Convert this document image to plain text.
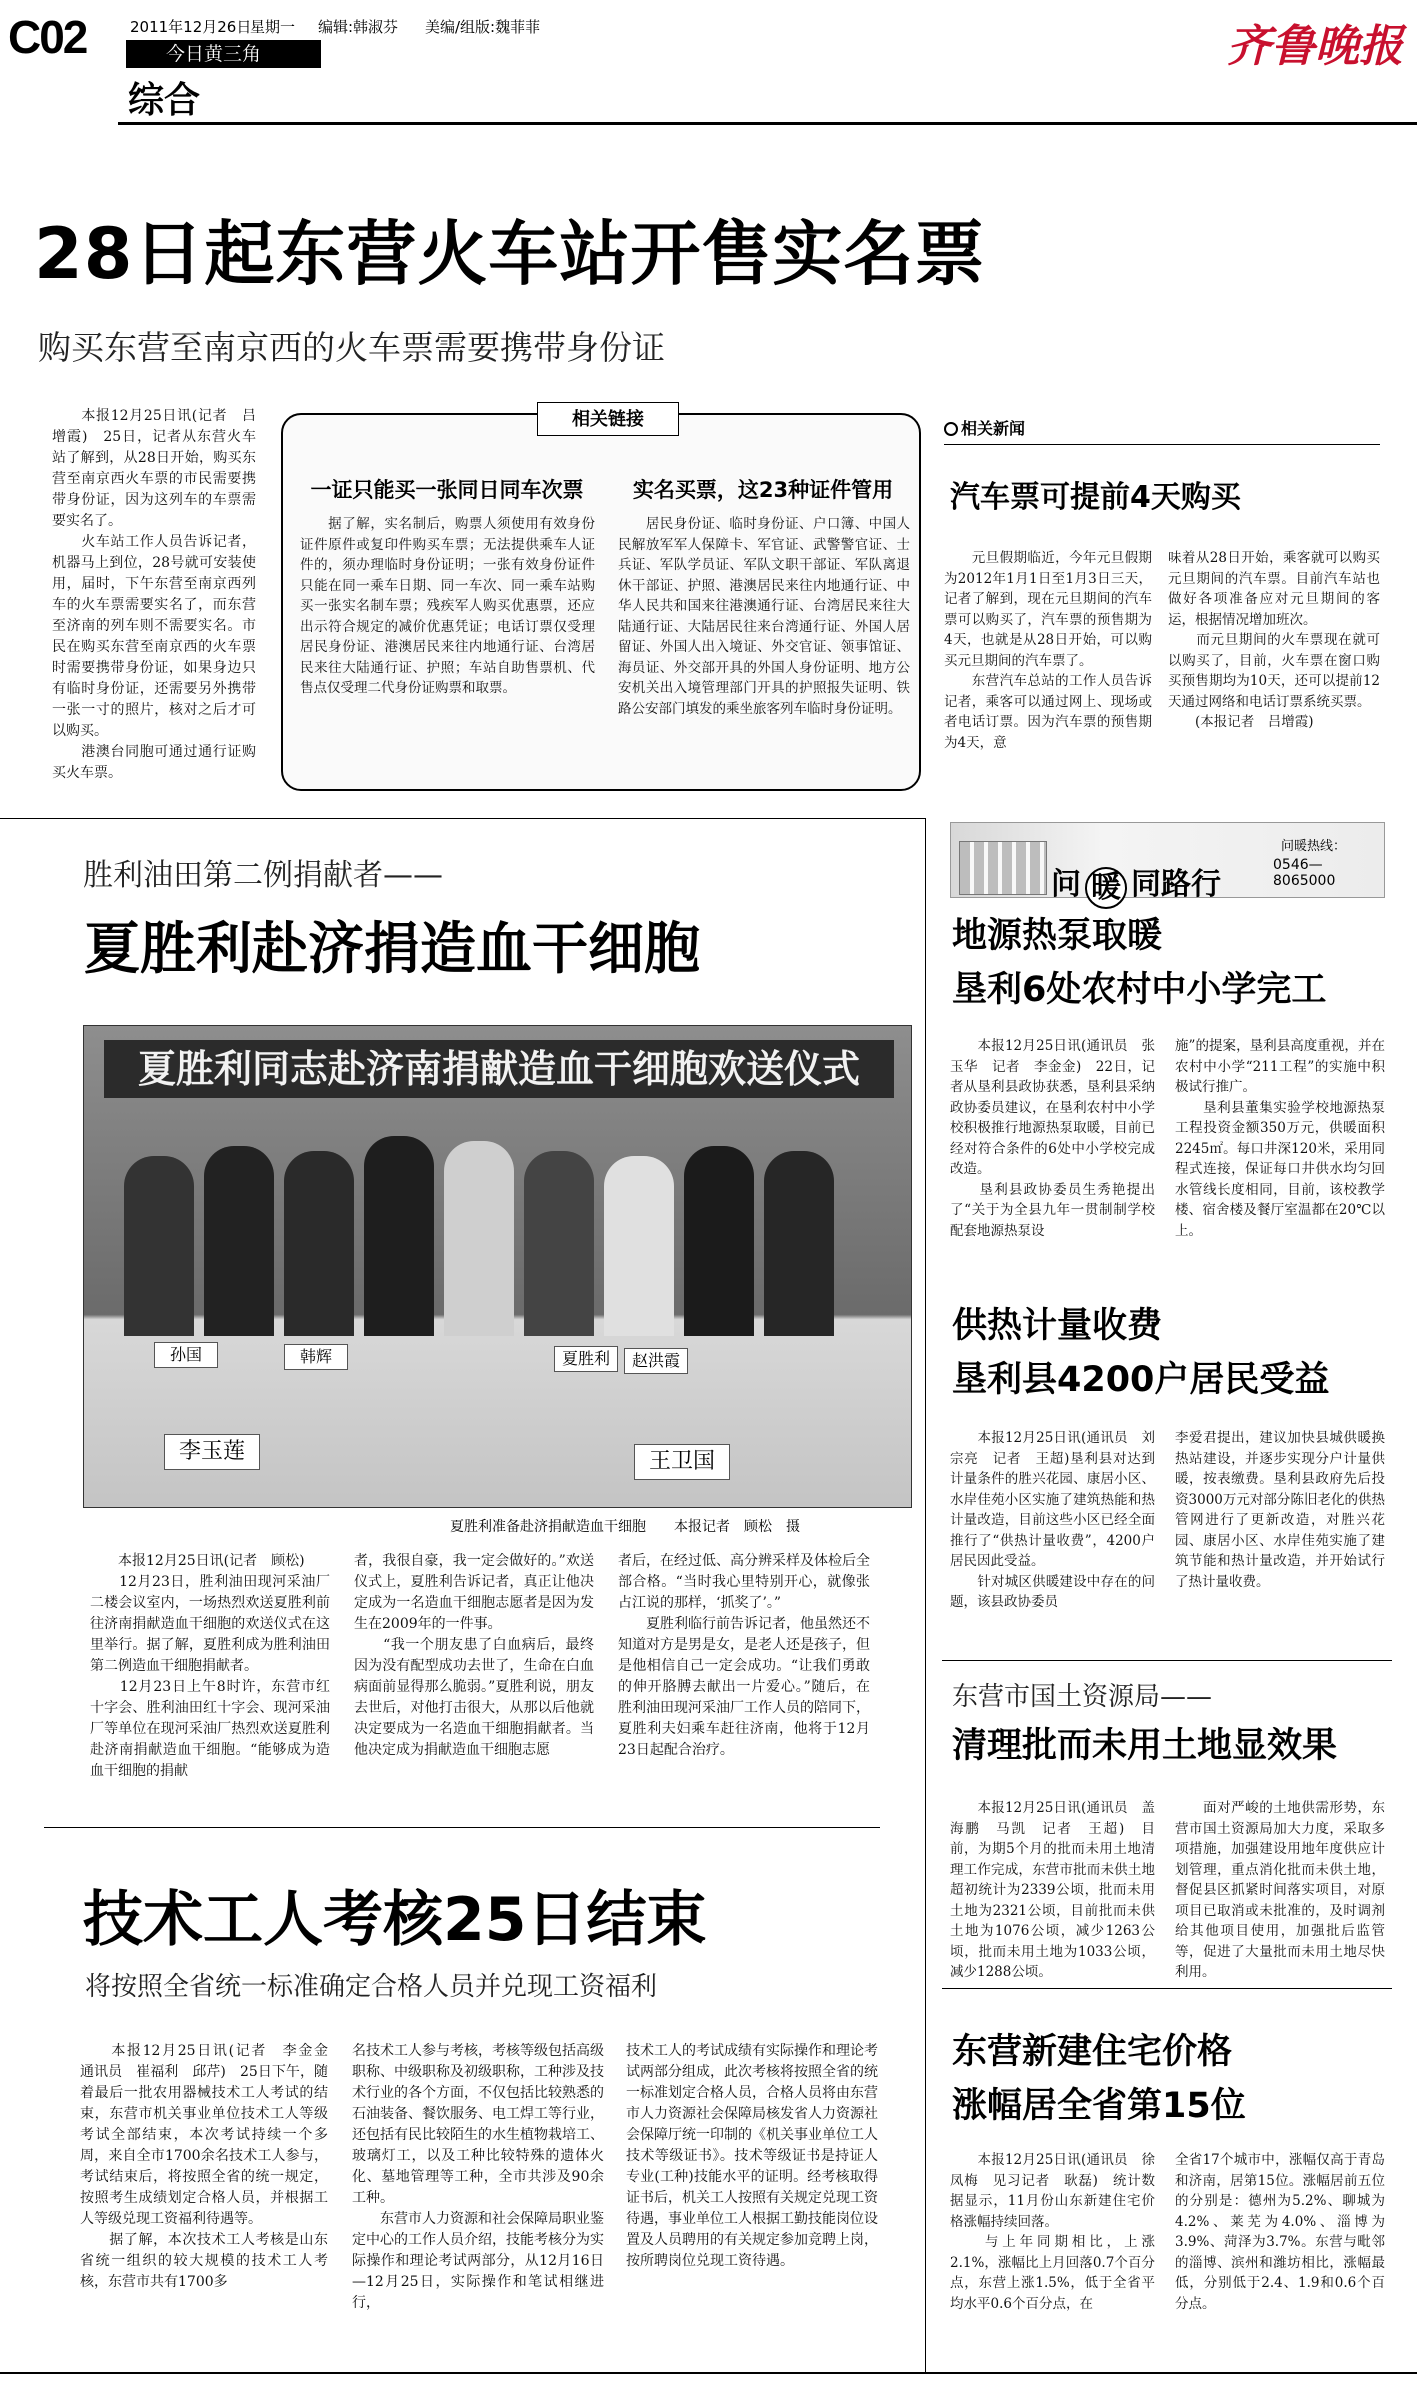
C02	2011年12月26日
星期一 编辑:韩淑芬 美编/组版:魏菲菲
今日黄三角
综合
齐鲁晚报
28日起东营火车站开售实名票
购买东营至南京西的火车票需要携带身份证
　　本报12月25日讯(记者　吕增霞)　25日，记者从东营火车站了解到，从28日开始，购买东营至南京西火车票的市民需要携带身份证，因为这列车的车票需要实名了。
　　火车站工作人员告诉记者，机器马上到位，28号就可安装使用，届时，下午东营至南京西列车的火车票需要实名了，而东营至济南的列车则不需要实名。市民在购买东营至南京西的火车票时需要携带身份证，如果身边只有临时身份证，还需要另外携带一张一寸的照片，核对之后才可以购买。
　　港澳台同胞可通过通行证购买火车票。
相关链接
一证只能买一张同日同车次票
　　据了解，实名制后，购票人须使用有效身份证件原件或复印件购买车票；无法提供乘车人证件的，须办理临时身份证明；一张有效身份证件只能在同一乘车日期、同一车次、同一乘车站购买一张实名制车票；残疾军人购买优惠票，还应出示符合规定的减价优惠凭证；电话订票仅受理居民身份证、港澳居民来往内地通行证、台湾居民来往大陆通行证、护照；车站自助售票机、代售点仅受理二代身份证购票和取票。
实名买票，这23种证件管用
　　居民身份证、临时身份证、户口簿、中国人民解放军军人保障卡、军官证、武警警官证、士兵证、军队学员证、军队文职干部证、军队离退休干部证、护照、港澳居民来往内地通行证、中华人民共和国来往港澳通行证、台湾居民来往大陆通行证、大陆居民往来台湾通行证、外国人居留证、外国人出入境证、外交官证、领事馆证、海员证、外交部开具的外国人身份证明、地方公安机关出入境管理部门开具的护照报失证明、铁路公安部门填发的乘坐旅客列车临时身份证明。
相关新闻
汽车票可提前4天购买
　　元旦假期临近，今年元旦假期为2012年1月1日至1月3日三天，记者了解到，现在元旦期间的汽车票可以购买了，汽车票的预售期为4天，也就是从28日开始，可以购买元旦期间的汽车票了。
　　东营汽车总站的工作人员告诉记者，乘客可以通过网上、现场或者电话订票。因为汽车票的预售期为4天，意
味着从28日开始，乘客就可以购买元旦期间的汽车票。目前汽车站也做好各项准备应对元旦期间的客运，根据情况增加班次。
　　而元旦期间的火车票现在就可以购买了，目前，火车票在窗口购买预售期均为10天，还可以提前12天通过网络和电话订票系统买票。
　　(本报记者　吕增霞)
胜利油田第二例捐献者——
夏胜利赴济捐造血干细胞
夏胜利同志赴济南捐献造血干细胞欢送仪式
孙国	韩辉	夏胜利	赵洪霞
李玉莲	王卫国
夏胜利准备赴济捐献造血干细胞　　本报记者　顾松　摄
　　本报12月25日讯(记者　顾松)
　　12月23日，胜利油田现河采油厂二楼会议室内，一场热烈欢送夏胜利前往济南捐献造血干细胞的欢送仪式在这里举行。据了解，夏胜利成为胜利油田第二例造血干细胞捐献者。
　　12月23日上午8时许，东营市红十字会、胜利油田红十字会、现河采油厂等单位在现河采油厂热烈欢送夏胜利赴济南捐献造血干细胞。“能够成为造血干细胞的捐献
者，我很自豪，我一定会做好的。”欢送仪式上，夏胜利告诉记者，真正让他决定成为一名造血干细胞志愿者是因为发生在2009年的一件事。
　　“我一个朋友患了白血病后，最终因为没有配型成功去世了，生命在白血病面前显得那么脆弱。”夏胜利说，朋友去世后，对他打击很大，从那以后他就决定要成为一名造血干细胞捐献者。当他决定成为捐献造血干细胞志愿
者后，在经过低、高分辨采样及体检后全部合格。“当时我心里特别开心，就像张占江说的那样，‘抓奖了’。”
　　夏胜利临行前告诉记者，他虽然还不知道对方是男是女，是老人还是孩子，但是他相信自己一定会成功。“让我们勇敢的伸开胳膊去献出一片爱心。”随后，在胜利油田现河采油厂工作人员的陪同下，夏胜利夫妇乘车赶往济南，他将于12月23日起配合治疗。
技术工人考核25日结束
将按照全省统一标准确定合格人员并兑现工资福利
　　本报12月25日讯(记者　李金金　通讯员　崔福利　邱芹)　25日下午，随着最后一批农用器械技术工人考试的结束，东营市机关事业单位技术工人等级考试全部结束，本次考试持续一个多周，来自全市1700余名技术工人参与，考试结束后，将按照全省的统一规定，按照考生成绩划定合格人员，并根据工人等级兑现工资福利待遇等。
　　据了解，本次技术工人考核是山东省统一组织的较大规模的技术工人考核，东营市共有1700多
名技术工人参与考核，考核等级包括高级职称、中级职称及初级职称，工种涉及技术行业的各个方面，不仅包括比较熟悉的石油装备、餐饮服务、电工焊工等行业，还包括有民比较陌生的水生植物栽培工、玻璃灯工，以及工种比较特殊的遗体火化、墓地管理等工种，全市共涉及90余工种。
　　东营市人力资源和社会保障局职业鉴定中心的工作人员介绍，技能考核分为实际操作和理论考试两部分，从12月16日—12月25日，实际操作和笔试相继进行，
技术工人的考试成绩有实际操作和理论考试两部分组成，此次考核将按照全省的统一标准划定合格人员，合格人员将由东营市人力资源社会保障局核发省人力资源社会保障厅统一印制的《机关事业单位工人技术等级证书》。技术等级证书是持证人专业(工种)技能水平的证明。经考核取得证书后，机关工人按照有关规定兑现工资待遇，事业单位工人根据工勤技能岗位设置及人员聘用的有关规定参加竞聘上岗，按所聘岗位兑现工资待遇。
问 暖 同路行
问暖热线：
0546—8065000
地源热泵取暖
垦利6处农村中小学完工
　　本报12月25日讯(通讯员　张玉华　记者　李金金)　22日，记者从垦利县政协获悉，垦利县采纳政协委员建议，在垦利农村中小学校积极推行地源热泵取暖，目前已经对符合条件的6处中小学校完成改造。
　　垦利县政协委员生秀艳提出了“关于为全县九年一贯制制学校配套地源热泵设
施”的提案，垦利县高度重视，并在农村中小学“211工程”的实施中积极试行推广。
　　垦利县董集实验学校地源热泵工程投资金额350万元，供暖面积2245㎡。每口井深120米，采用同程式连接，保证每口井供水均匀回水管线长度相同，目前，该校教学楼、宿舍楼及餐厅室温都在20℃以上。
供热计量收费
垦利县4200户居民受益
　　本报12月25日讯(通讯员　刘宗亮　记者　王超)垦利县对达到计量条件的胜兴花园、康居小区、水岸佳苑小区实施了建筑热能和热计量改造，目前这些小区已经全面推行了“供热计量收费”，4200户居民因此受益。
　　针对城区供暖建设中存在的问题，该县政协委员
李爱君提出，建议加快县城供暖换热站建设，并逐步实现分户计量供暖，按表缴费。垦利县政府先后投资3000万元对部分陈旧老化的供热管网进行了更新改造，对胜兴花园、康居小区、水岸佳苑实施了建筑节能和热计量改造，并开始试行了热计量收费。
东营市国土资源局——
清理批而未用土地显效果
　　本报12月25日讯(通讯员　盖海鹏　马凯　记者　王超)　目前，为期5个月的批而未用土地清理工作完成，东营市批而未供土地超初统计为2339公顷，批而未用土地为2321公顷，目前批而未供土地为1076公顷，减少1263公顷，批而未用土地为1033公顷，减少1288公顷。
　　面对严峻的土地供需形势，东营市国土资源局加大力度，采取多项措施，加强建设用地年度供应计划管理，重点消化批而未供土地，督促县区抓紧时间落实项目，对原项目已取消或未批准的，及时调剂给其他项目使用，加强批后监管等，促进了大量批而未用土地尽快利用。
东营新建住宅价格
涨幅居全省第15位
　　本报12月25日讯(通讯员　徐凤梅　见习记者　耿磊)　统计数据显示，11月份山东新建住宅价格涨幅持续回落。
　　与上年同期相比，上涨2.1%，涨幅比上月回落0.7个百分点，东营上涨1.5%，低于全省平均水平0.6个百分点，在
全省17个城市中，涨幅仅高于青岛和济南，居第15位。涨幅居前五位的分别是：德州为5.2%、聊城为4.2%、莱芜为4.0%、淄博为3.9%、菏泽为3.7%。东营与毗邻的淄博、滨州和潍坊相比，涨幅最低，分别低于2.4、1.9和0.6个百分点。
